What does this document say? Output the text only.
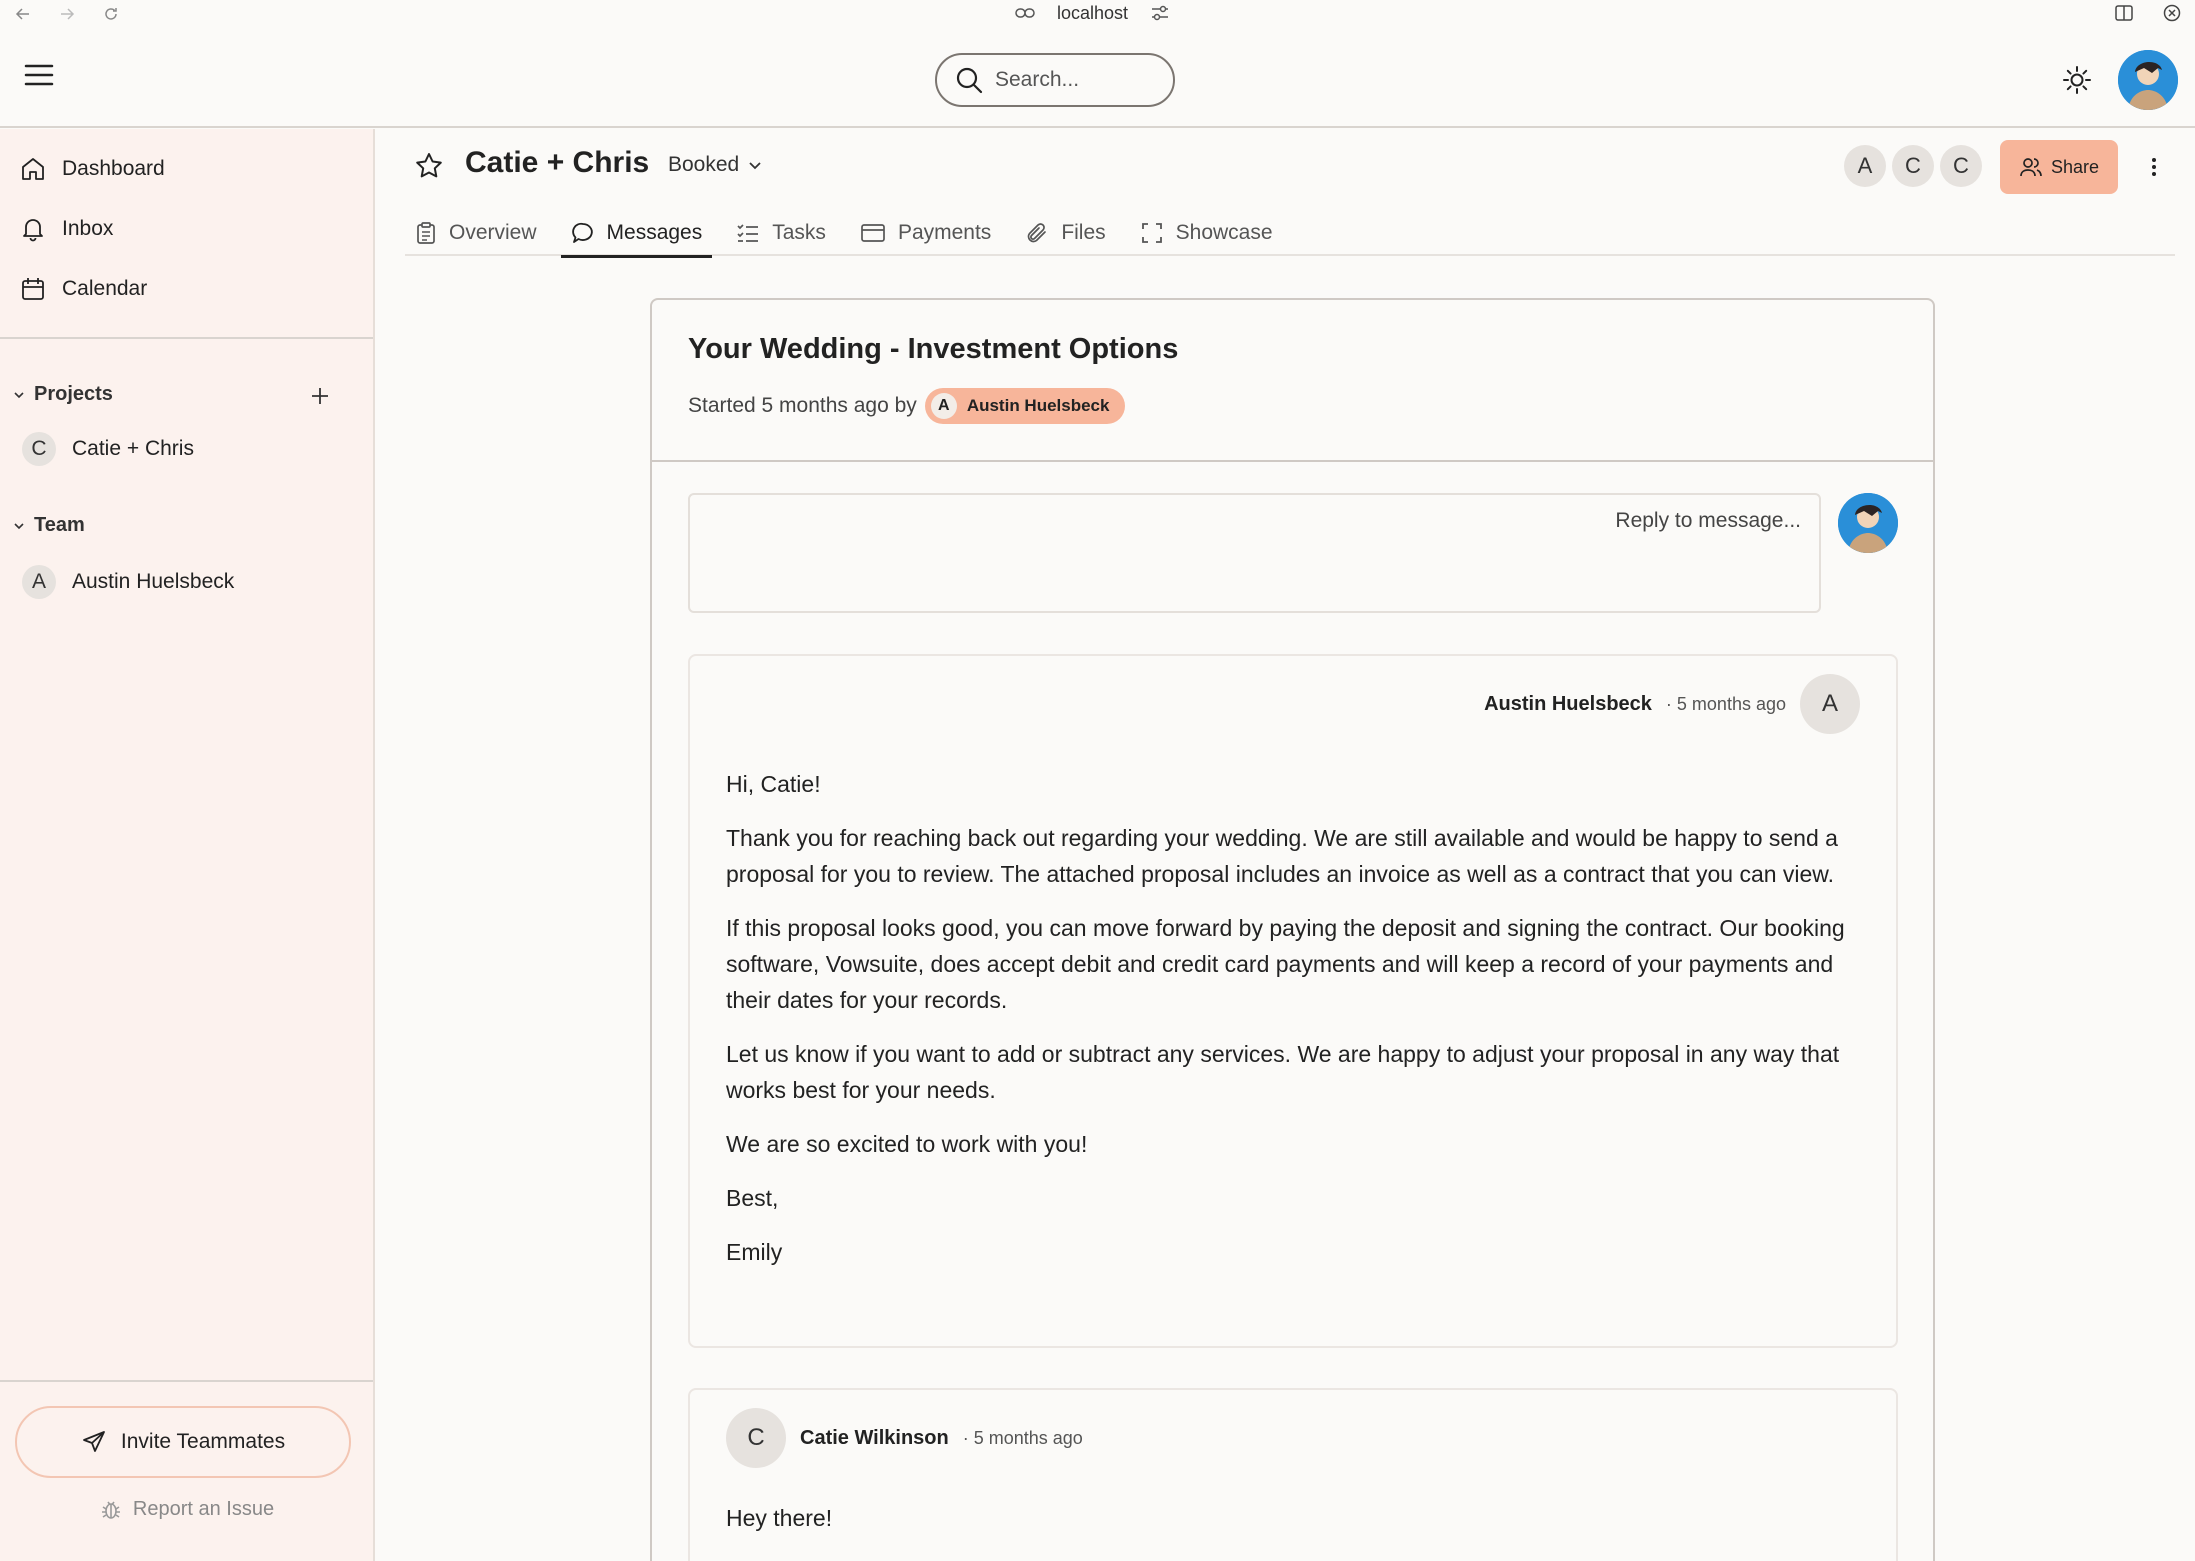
localhost
Search...
Dashboard
Inbox
Calendar
Projects
C	Catie + Chris
Team
A	Austin Huelsbeck
Invite Teammates
Report an Issue
Catie + Chris Booked	A	C	C	Share
Overview	Messages	Tasks	Payments	Files	Showcase
Your Wedding - Investment Options
Started 5 months ago by	A	Austin Huelsbeck
Reply to message...
Austin Huelsbeck · 5 months ago	A

Hi, Catie!

Thank you for reaching back out regarding your wedding. We are still available and would be happy to send a proposal for you to review. The attached proposal includes an invoice as well as a contract that you can view.

If this proposal looks good, you can move forward by paying the deposit and signing the contract. Our booking software, Vowsuite, does accept debit and credit card payments and will keep a record of your payments and their dates for your records.

Let us know if you want to add or subtract any services. We are happy to adjust your proposal in any way that works best for your needs.

We are so excited to work with you!

Best,

Emily

C	Catie Wilkinson · 5 months ago

Hey there!
